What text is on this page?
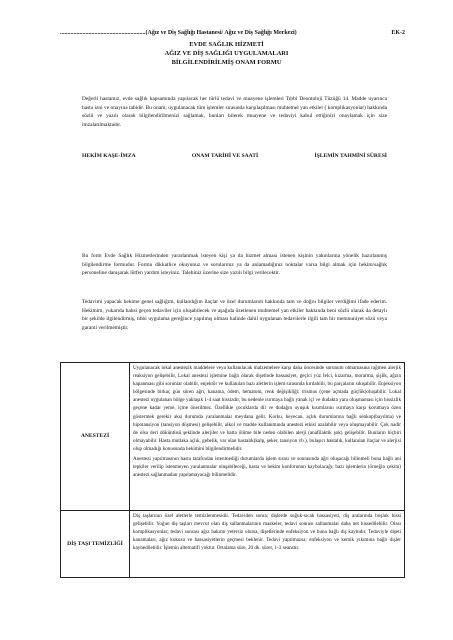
.........................................................(Ağız ve Diş Sağlığı Hastanesi/ Ağız ve Diş Sağlığı Merkezi)	EK-2
EVDE SAĞLIK HİZMETİ
AĞIZ VE DİŞ SAĞLIĞI UYGULAMALARI
BİLGİLENDİRİLMİŞ ONAM FORMU
Değerli hastamız, evde sağlık kapsamında yapılacak her türlü tedavi ve muayene işlemleri Tıbbi Deontoloji Tüzüğü 14. Madde uyarınca hasta izni ve onayına tabidir. Bu onam; uygulanacak tüm işlemler sırasında karşılaşılması muhtemel yan etkiler ( komplikasyonlar) hakkında sözlü ve yazılı olarak bilgilendirilmenizi sağlamak, bunları bilerek muayene ve tedaviyi kabul ettiğinizi onaylamak için size imzalatılmaktadır.
HEKİM KAŞE-İMZA	ONAM TARİHİ VE SAATİ	İŞLEMİN TAHMİNİ SÜRESİ
Bu form Evde Sağlık Hizmetlerinden yararlanmak isteyen kişi ya da hizmet alması istenen kişinin yakınlarına yönelik hazırlanmış bilgilendirme formudur. Formu dikkatlice okuyunuz ve sorularınız ya da anlamadığınız noktalar varsa bilgi almak için hekim/sağlık personeline danışarak lütfen yardım isteyiniz. Talebiniz üzerine size yazılı bilgi verilecektir.
Tedavimi yapacak hekime genel sağlığım, kullandığım ilaçlar ve özel durumlarım hakkında tam ve doğru bilgiler verdiğimi ifade ederim. Hekimim, yukarıda bahsi geçen tedaviler için oluşabilecek ve aşağıda özetlenen muhtemel yan etkiler hakkında beni sözlü olarak da detaylı bir şekilde ilgilendirmiş, tıbbi uygulama gereğince yapılmış olması halinde dahil uygulanan tedavilerle ilgili tam bir memnuniyet sözü veya garanti verilmemiştir.
ANESTEZİ	Uygulanacak lokal anestezik maddelere veya kullanılacak malzemelere karşı daha öncesinde sorunum olmamasına rağmen alerjik reaksiyon gelişebilir, Lokal anestezi işlemine bağlı olarak dişetinde hassasiyet, geçici yüz felci, kızarma, morarma, şişlik, ağzın kapanması gibi sorunlar olabilir, enjektör ve kullanılan bazı aletlerin işlem sırasında kırılabilir, bu parçaların sıkışabilir. Enjeksiyon bölgesinde birkaç gün süren ağrı, kanama, ödem, hematom, renk değişikliği; trismus (çene açmada güçlük)oluşabilir. Lokal anestezi uygulanan bölge yaklaşık 1-4 saat hissizdir, bu nedenle ısırmaya bağlı yanak içi ve dudakta yara oluşmaması için hissizlik geçene kadar yeme, içme önerilmez. Özellikle çocuklarda dil ve dudağın uyuşuk kısımlarını ısırmaya karşı korumaya özen göstermek gerekir aksi durumda yaralanmalar meydana gelir. Korku, heyecan, açlık durumlarına bağlı senkop(bayılma) ve hipotansiyon (tansiyon düşmesi) gelişebilir, alkol ve madde kullanımında anestezi etkisi azalabilir veya oluşmayabilir. Çok nadir de olsa deri döküntüsü şeklinde alerjiler ve hatta ölüme bile neden olabilen alerji (anafilaktik şok) gelişebilir. Bunların hiçbiri olmayabilir. Hasta mutlaka açlık, gebelik, var olan hastalık(kalp, şeker, tansiyon vb.), bulaşıcı hastalık, kullanılan ilaçlar ve alerjisi olup olmadığı konusunda hekimini bilgilendirmelidir.

Anestezi yapılmasının hasta tarafından istenmediği durumlarda işlem sırası ve sonrasında ağrı oluşacağı bilinmeli buna bağlı ani tepkiler verilip istenmeyen yaralanmalar oluşabileceği, hasta ve hekim konforunun kaybolacağı; bazı işlemlerin (örneğin çekim) anestezi sağlanmadan yapılamayacağı bilinmelidir.

DİŞ TAŞI TEMİZLİĞİ	Diş taşlarının özel aletlerle temizlenmesidir. Tedaviden sonra; dişlerde soğuk-sıcak hassasiyeti, diş aralarında boşluk hissi gelişebilir. Yoğun diş taşları mevcut olan diş sallanmalarının maskeler, tedavi sonrası sallanmalar daha net hissedilebilir. Olası komplikasyonlar; tedavi sonrası ağız bakımı yetersiz olursa, dişetlerinde enfeksiyon ve buna bağlı diş kaybıdır. Tedaviyle dişeti kanamaları, ağız kokusu ve hassasiyetlerin geçmesi beklenir. Tedavi yapılmazsa; enfeksiyon ve kemik yıkımına bağlı dişler kaybedilebilir. İşlemin alternatifi yoktur. Ortalama süre, 20 dk. sürer, 1-3 seanstır.
